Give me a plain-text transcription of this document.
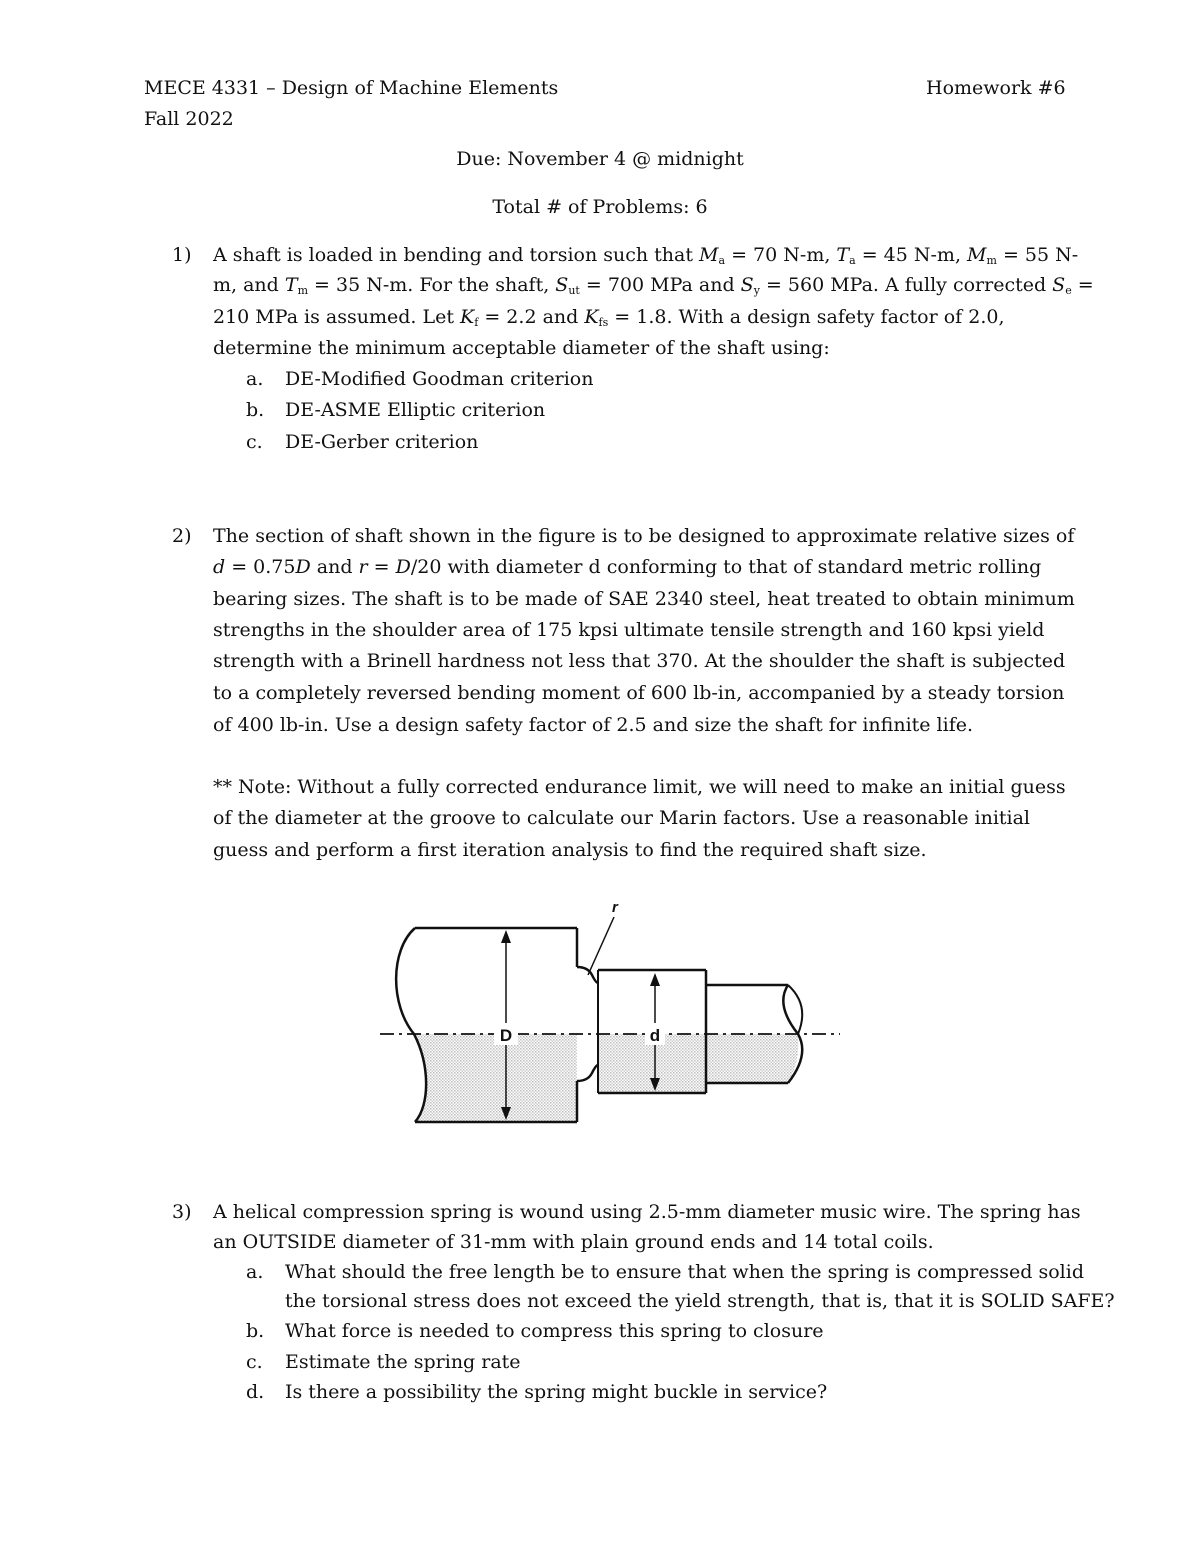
MECE 4331 – Design of Machine Elements	Homework #6
Fall 2022
Due: November 4 @ midnight
Total # of Problems: 6
1) A shaft is loaded in bending and torsion such that $M_a = 70$ N-m, $T_a = 45$ N-m, $M_m = 55$ N-
m, and $T_m = 35$ N-m. For the shaft, $S_{ut} = 700$ MPa and $S_y = 560$ MPa. A fully corrected $S_e$ =
210 MPa is assumed. Let $K_f = 2.2$ and $K_{fs} = 1.8$. With a design safety factor of 2.0,
determine the minimum acceptable diameter of the shaft using:
a. DE-Modified Goodman criterion
b. DE-ASME Elliptic criterion
c. DE-Gerber criterion
2) The section of shaft shown in the figure is to be designed to approximate relative sizes of
d = 0.75D and r = D/20 with diameter d conforming to that of standard metric rolling
bearing sizes. The shaft is to be made of SAE 2340 steel, heat treated to obtain minimum
strengths in the shoulder area of 175 kpsi ultimate tensile strength and 160 kpsi yield
strength with a Brinell hardness not less that 370. At the shoulder the shaft is subjected
to a completely reversed bending moment of 600 lb-in, accompanied by a steady torsion
of 400 lb-in. Use a design safety factor of 2.5 and size the shaft for infinite life.
** Note: Without a fully corrected endurance limit, we will need to make an initial guess
of the diameter at the groove to calculate our Marin factors. Use a reasonable initial
guess and perform a first iteration analysis to find the required shaft size.
D	d
r
3) A helical compression spring is wound using 2.5-mm diameter music wire. The spring has
an OUTSIDE diameter of 31-mm with plain ground ends and 14 total coils.
a. What should the free length be to ensure that when the spring is compressed solid
the torsional stress does not exceed the yield strength, that is, that it is SOLID SAFE?
b. What force is needed to compress this spring to closure
c. Estimate the spring rate
d. Is there a possibility the spring might buckle in service?
